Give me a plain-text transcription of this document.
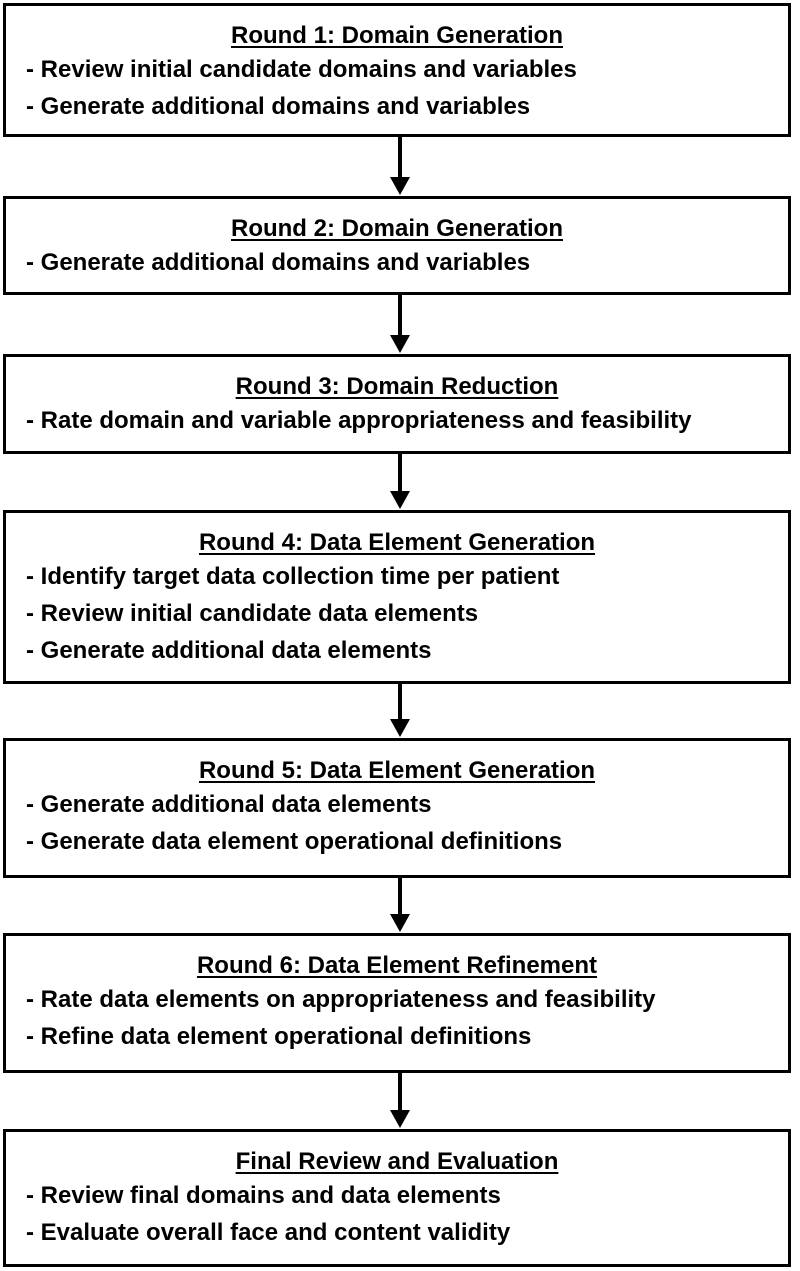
Round 1: Domain Generation
- Review initial candidate domains and variables
- Generate additional domains and variables
Round 2: Domain Generation
- Generate additional domains and variables
Round 3: Domain Reduction
- Rate domain and variable appropriateness and feasibility
Round 4: Data Element Generation
- Identify target data collection time per patient
- Review initial candidate data elements
- Generate additional data elements
Round 5: Data Element Generation
- Generate additional data elements
- Generate data element operational definitions
Round 6: Data Element Refinement
- Rate data elements on appropriateness and feasibility
- Refine data element operational definitions
Final Review and Evaluation
- Review final domains and data elements
- Evaluate overall face and content validity
